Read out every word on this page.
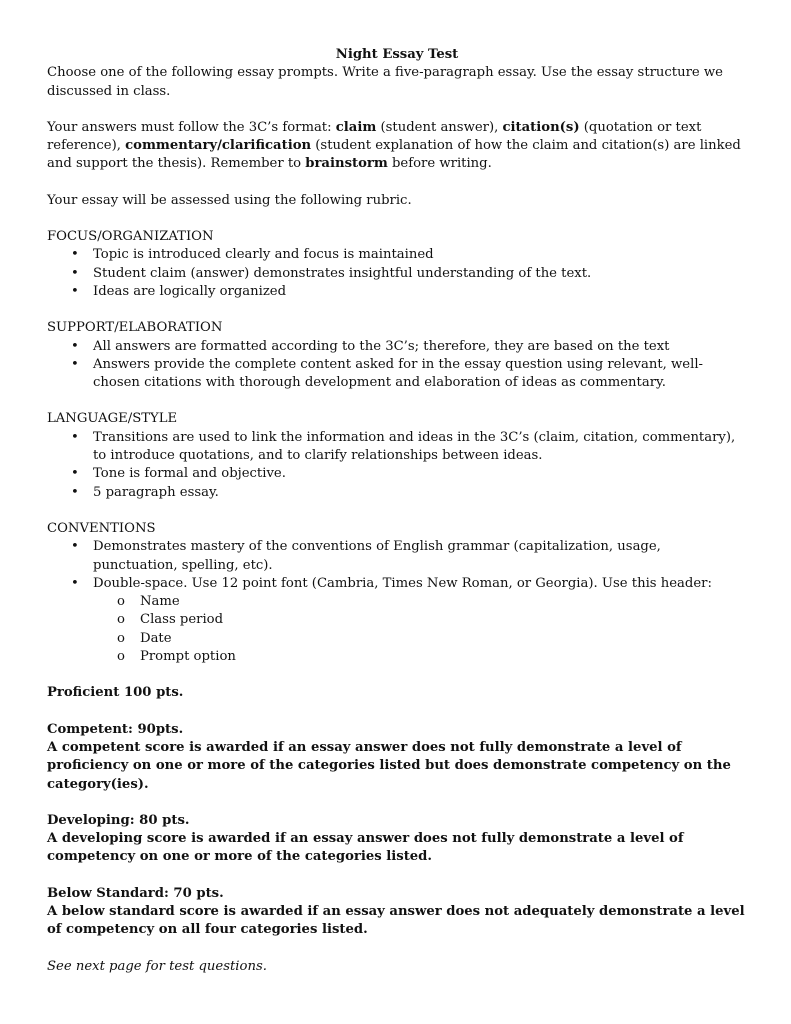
Night Essay Test

Choose one of the following essay prompts. Write a five-paragraph essay. Use the essay structure we discussed in class.

Your answers must follow the 3C’s format: claim (student answer), citation(s) (quotation or text reference), commentary/clarification (student explanation of how the claim and citation(s) are linked and support the thesis). Remember to brainstorm before writing.

Your essay will be assessed using the following rubric.

FOCUS/ORGANIZATION

• Topic is introduced clearly and focus is maintained
• Student claim (answer) demonstrates insightful understanding of the text.
• Ideas are logically organized

SUPPORT/ELABORATION

• All answers are formatted according to the 3C’s; therefore, they are based on the text
• Answers provide the complete content asked for in the essay question using relevant, well-chosen citations with thorough development and elaboration of ideas as commentary.

LANGUAGE/STYLE

• Transitions are used to link the information and ideas in the 3C’s (claim, citation, commentary), to introduce quotations, and to clarify relationships between ideas.
• Tone is formal and objective.
• 5 paragraph essay.

CONVENTIONS

• Demonstrates mastery of the conventions of English grammar (capitalization, usage, punctuation, spelling, etc).
• Double-space. Use 12 point font (Cambria, Times New Roman, or Georgia). Use this header:
o Name
o Class period
o Date
o Prompt option

Proficient 100 pts.

Competent: 90pts.

A competent score is awarded if an essay answer does not fully demonstrate a level of proficiency on one or more of the categories listed but does demonstrate competency on the category(ies).

Developing: 80 pts.

A developing score is awarded if an essay answer does not fully demonstrate a level of competency on one or more of the categories listed.

Below Standard: 70 pts.

A below standard score is awarded if an essay answer does not adequately demonstrate a level of competency on all four categories listed.

See next page for test questions.
